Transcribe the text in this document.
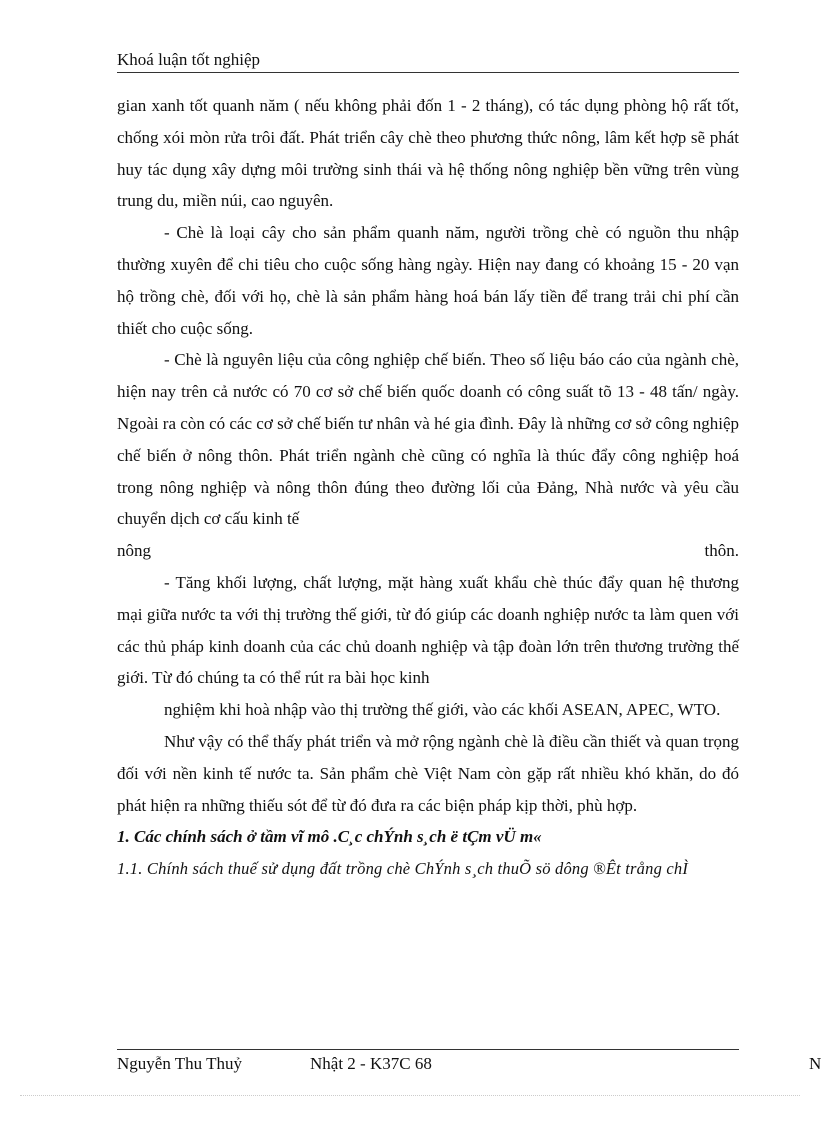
Khoá luận tốt nghiệp

gian xanh tốt quanh năm ( nếu không phải đốn 1 - 2 tháng), có tác dụng phòng hộ rất tốt, chống xói mòn rửa trôi đất. Phát triển cây chè theo phương thức nông, lâm kết hợp sẽ phát huy tác dụng xây dựng môi trường sinh thái và hệ thống nông nghiệp bền vững trên vùng trung du, miền núi, cao nguyên.

- Chè là loại cây cho sản phẩm quanh năm, người trồng chè có nguồn thu nhập thường xuyên để chi tiêu cho cuộc sống hàng ngày. Hiện nay đang có khoảng 15 - 20 vạn hộ trồng chè, đối với họ, chè là sản phẩm hàng hoá bán lấy tiền để trang trải chi phí cần thiết cho cuộc sống.

- Chè là nguyên liệu của công nghiệp chế biến. Theo số liệu báo cáo của ngành chè, hiện nay trên cả nước có 70 cơ sở chế biến quốc doanh có công suất tõ 13 - 48 tấn/ ngày. Ngoài ra còn có các cơ sở chế biến tư nhân và hé gia đình. Đây là những cơ sở công nghiệp chế biến ở nông thôn. Phát triển ngành chè cũng có nghĩa là thúc đẩy công nghiệp hoá trong nông nghiệp và nông thôn đúng theo đường lối của Đảng, Nhà nước và yêu cầu chuyển dịch cơ cấu kinh tế

nông thôn.

- Tăng khối lượng, chất lượng, mặt hàng xuất khẩu chè thúc đẩy quan hệ thương mại giữa nước ta với thị trường thế giới, từ đó giúp các doanh nghiệp nước ta làm quen với các thủ pháp kinh doanh của các chủ doanh nghiệp và tập đoàn lớn trên thương trường thế giới. Từ đó chúng ta có thể rút ra bài học kinh

nghiệm khi hoà nhập vào thị trường thế giới, vào các khối ASEAN, APEC, WTO.

Như vậy có thể thấy phát triển và mở rộng ngành chè là điều cần thiết và quan trọng đối với nền kinh tế nước ta. Sản phẩm chè Việt Nam còn gặp rất nhiều khó khăn, do đó phát hiện ra những thiếu sót để từ đó đưa ra các biện pháp kịp thời, phù hợp.

1. Các chính sách ở tầm vĩ mô .C¸c chÝnh s¸ch ë tÇm vÜ m«

1.1. Chính sách thuế sử dụng đất trồng chè ChÝnh s¸ch thuÕ sö dông ®Êt trång chÌ

Nguyễn Thu Thuỷ	Nhật 2 - K37C 68	N
